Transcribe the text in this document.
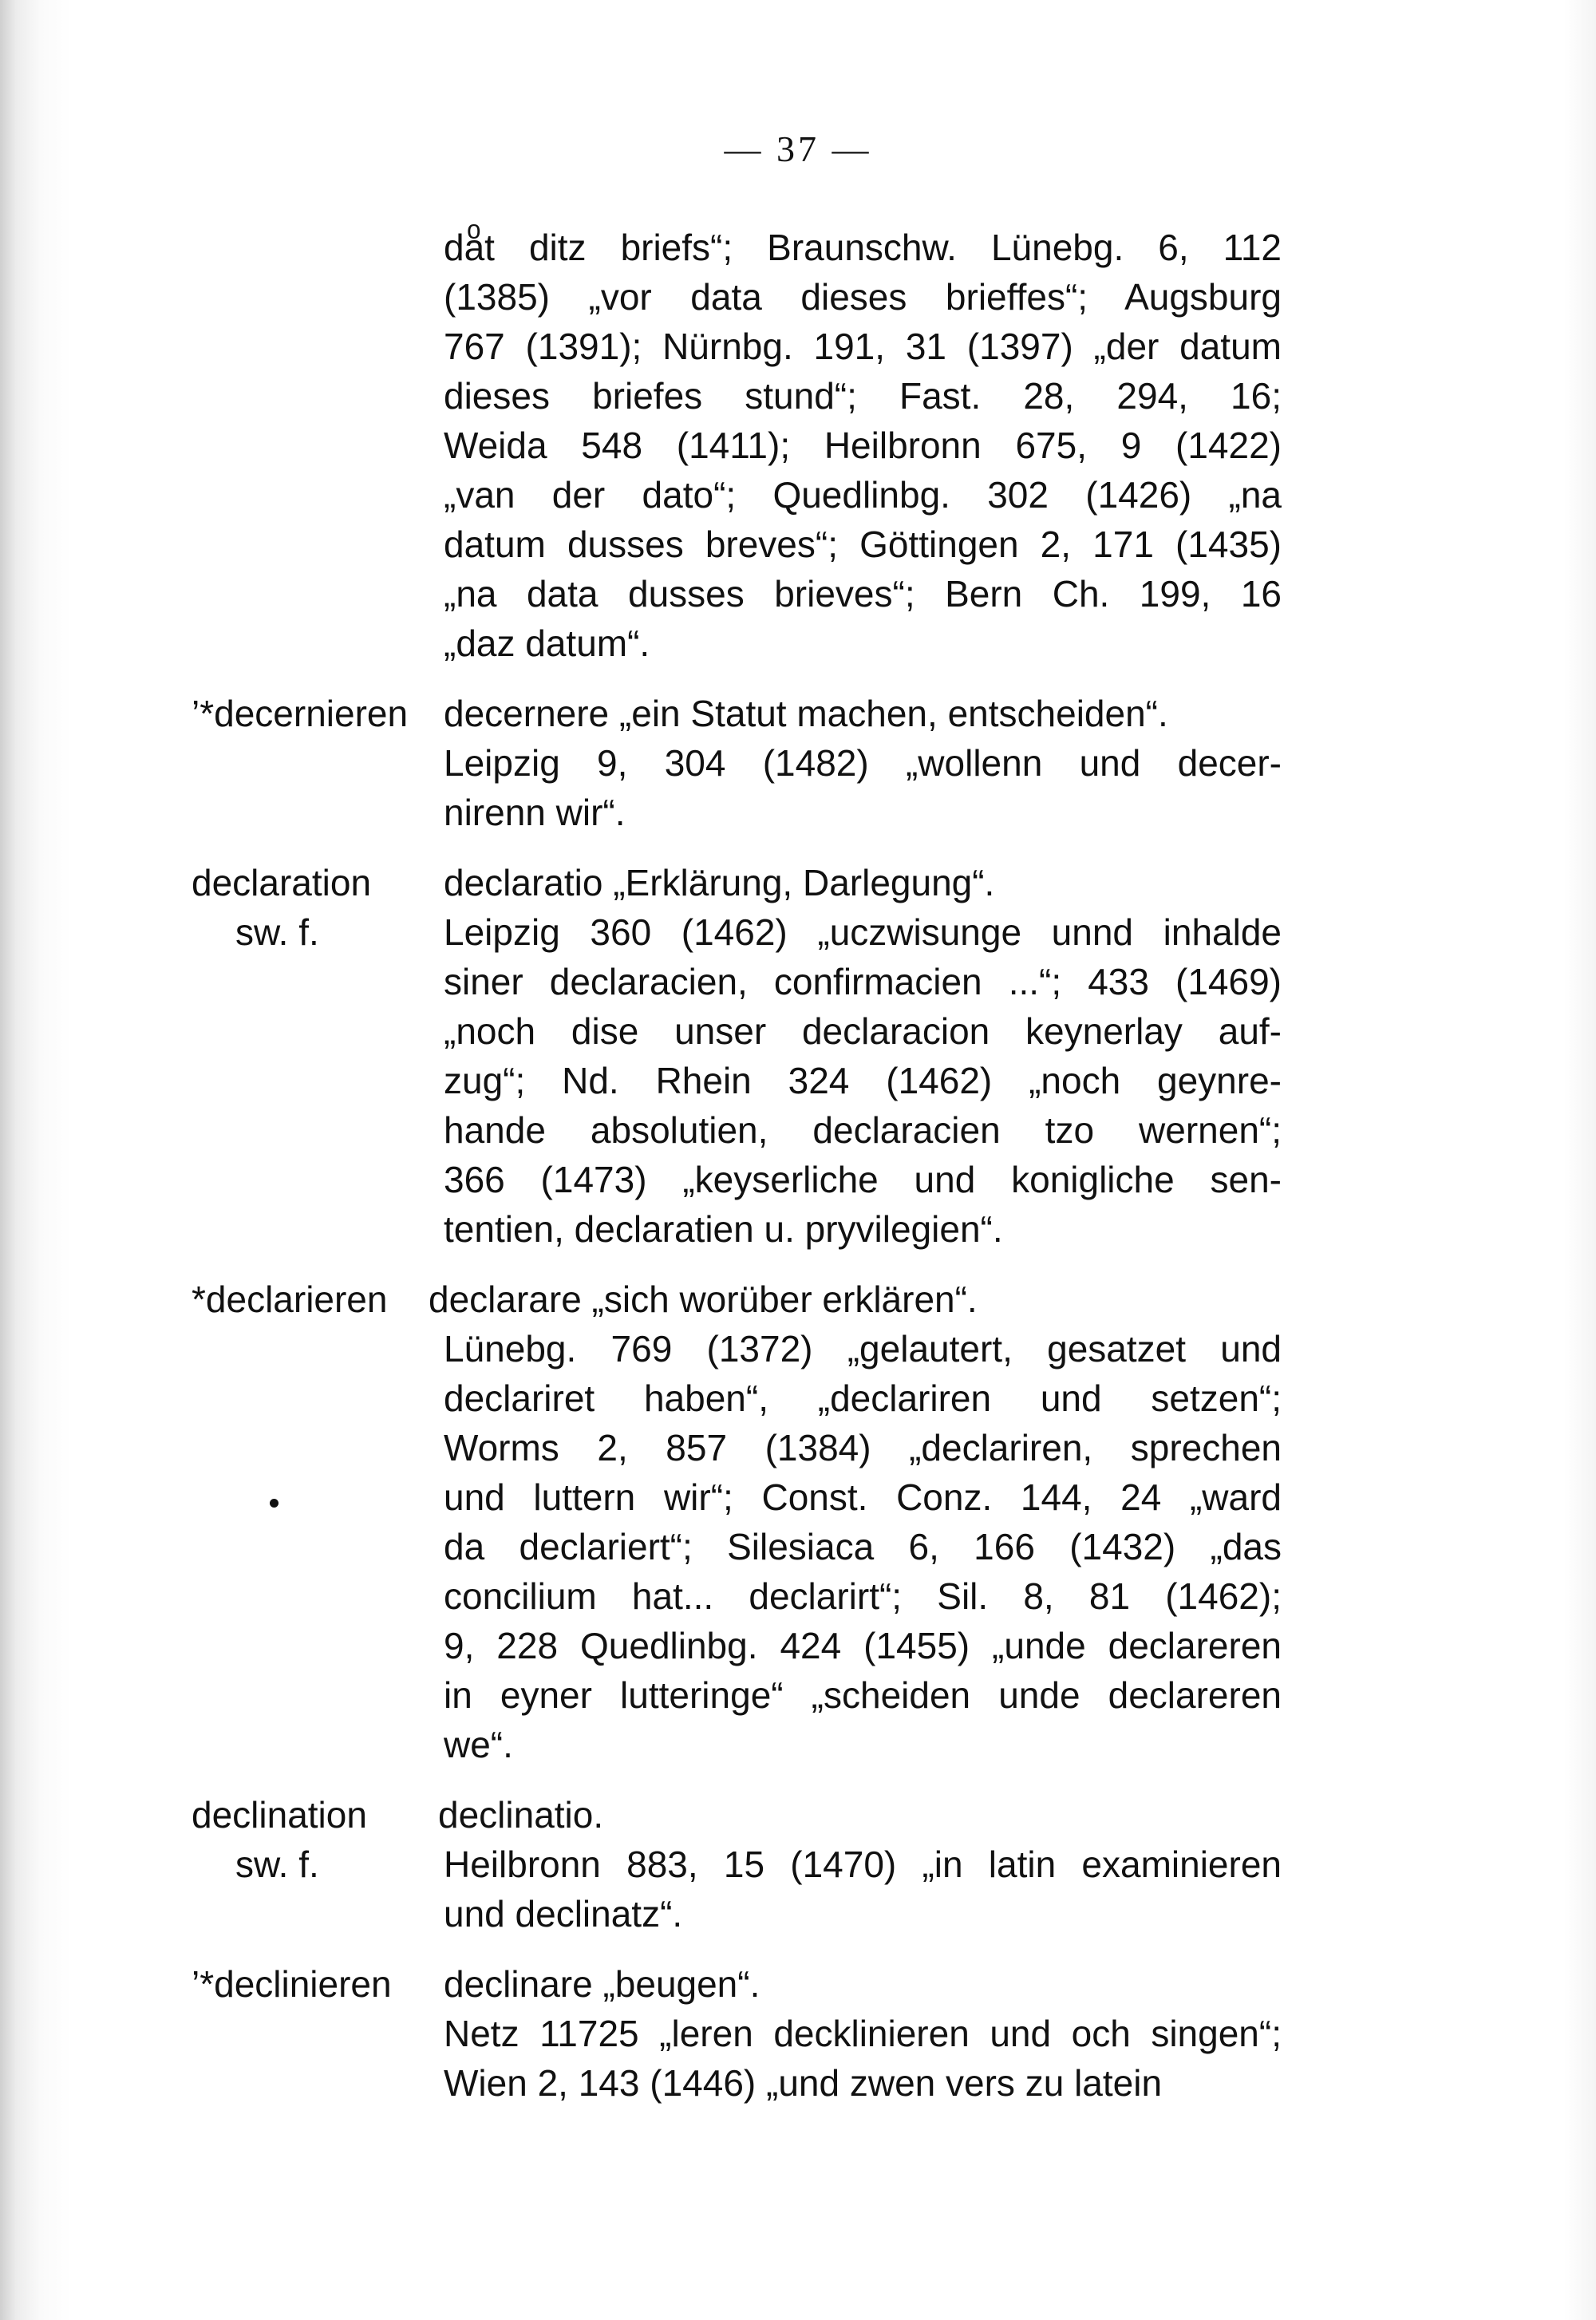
— 37 —
daͦt ditz briefs“; Braunschw. Lünebg. 6, 112
(1385) „vor data dieses brieffes“; Augsburg
767 (1391); Nürnbg. 191, 31 (1397) „der datum
dieses briefes stund“; Fast. 28, 294, 16;
Weida 548 (1411); Heilbronn 675, 9 (1422)
„van der dato“; Quedlinbg. 302 (1426) „na
datum dusses breves“; Göttingen 2, 171 (1435)
„na data dusses brieves“; Bern Ch. 199, 16
„daz datum“.
’*decernieren decernere „ein Statut machen, entscheiden“.
Leipzig 9, 304 (1482) „wollenn und decer-
nirenn wir“.
declaration declaratio „Erklärung, Darlegung“.
sw. f.	Leipzig 360 (1462) „uczwisunge unnd inhalde
siner declaracien, confirmacien ...“; 433 (1469)
„noch dise unser declaracion keynerlay auf-
zug“; Nd. Rhein 324 (1462) „noch geynre-
hande absolutien, declaracien tzo wernen“;
366 (1473) „keyserliche und konigliche sen-
tentien, declaratien u. pryvilegien“.
*declarieren declarare „sich worüber erklären“.
Lünebg. 769 (1372) „gelautert, gesatzet und
declariret haben“, „declariren und setzen“;
Worms 2, 857 (1384) „declariren, sprechen
und luttern wir“; Const. Conz. 144, 24 „ward
da declariert“; Silesiaca 6, 166 (1432) „das
concilium hat... declarirt“; Sil. 8, 81 (1462);
9, 228 Quedlinbg. 424 (1455) „unde declareren
in eyner lutteringe“ „scheiden unde declareren
we“.
declination declinatio.
sw. f.	Heilbronn 883, 15 (1470) „in latin examinieren
und declinatz“.
’*declinieren declinare „beugen“.
Netz 11725 „leren decklinieren und och singen“;
Wien 2, 143 (1446) „und zwen vers zu latein
